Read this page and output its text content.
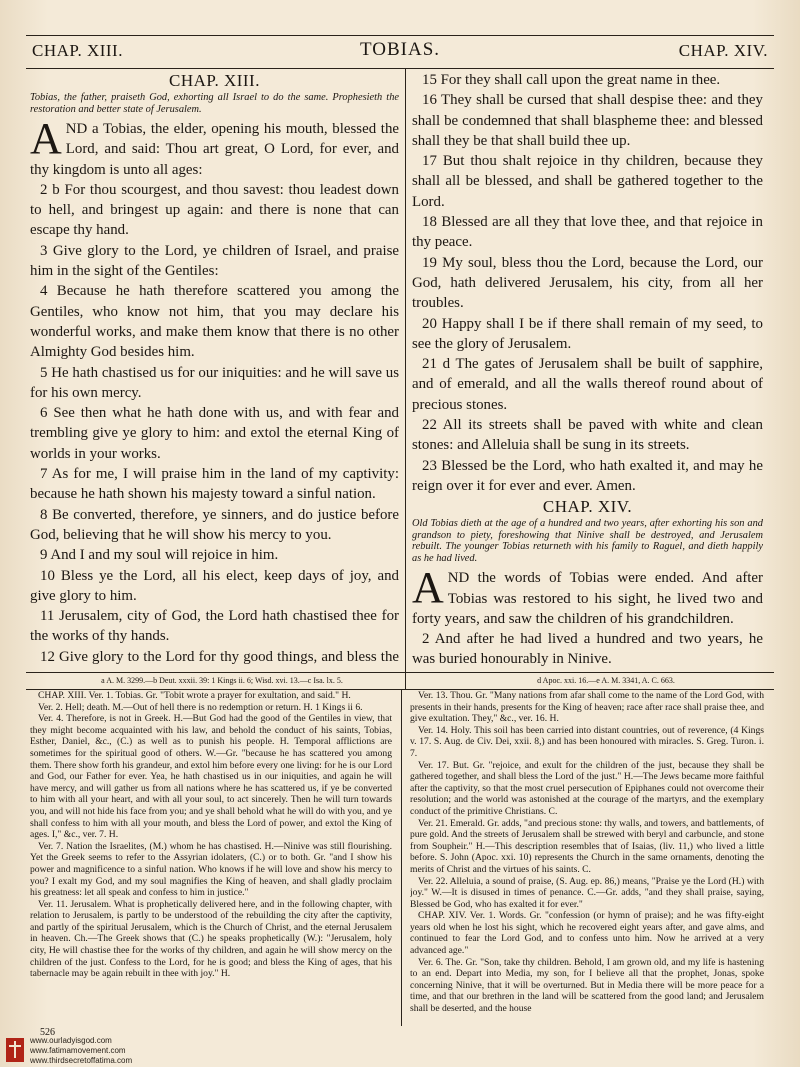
CHAP. XIII.	TOBIAS.	CHAP. XIV.
CHAP. XIII.
Tobias, the father, praiseth God, exhorting all Israel to do the same. Prophesieth the restoration and better state of Jerusalem.

AND a Tobias, the elder, opening his mouth, blessed the Lord, and said: Thou art great, O Lord, for ever, and thy kingdom is unto all ages:

2 b For thou scourgest, and thou savest: thou leadest down to hell, and bringest up again: and there is none that can escape thy hand.

3 Give glory to the Lord, ye children of Israel, and praise him in the sight of the Gentiles:

4 Because he hath therefore scattered you among the Gentiles, who know not him, that you may declare his wonderful works, and make them know that there is no other Almighty God besides him.

5 He hath chastised us for our iniquities: and he will save us for his own mercy.

6 See then what he hath done with us, and with fear and trembling give ye glory to him: and extol the eternal King of worlds in your works.

7 As for me, I will praise him in the land of my captivity: because he hath shown his majesty toward a sinful nation.

8 Be converted, therefore, ye sinners, and do justice before God, believing that he will show his mercy to you.

9 And I and my soul will rejoice in him.

10 Bless ye the Lord, all his elect, keep days of joy, and give glory to him.

11 Jerusalem, city of God, the Lord hath chastised thee for the works of thy hands.

12 Give glory to the Lord for thy good things, and bless the

15 For they shall call upon the great name in thee.

16 They shall be cursed that shall despise thee: and they shall be condemned that shall blaspheme thee: and blessed shall they be that shall build thee up.

17 But thou shalt rejoice in thy children, because they shall all be blessed, and shall be gathered together to the Lord.

18 Blessed are all they that love thee, and that rejoice in thy peace.

19 My soul, bless thou the Lord, because the Lord, our God, hath delivered Jerusalem, his city, from all her troubles.

20 Happy shall I be if there shall remain of my seed, to see the glory of Jerusalem.

21 d The gates of Jerusalem shall be built of sapphire, and of emerald, and all the walls thereof round about of precious stones.

22 All its streets shall be paved with white and clean stones: and Alleluia shall be sung in its streets.

23 Blessed be the Lord, who hath exalted it, and may he reign over it for ever and ever. Amen.

CHAP. XIV.
Old Tobias dieth at the age of a hundred and two years, after exhorting his son and grandson to piety, foreshowing that Ninive shall be destroyed, and Jerusalem rebuilt. The younger Tobias returneth with his family to Raguel, and dieth happily as he had lived.

AND the words of Tobias were ended. And after Tobias was restored to his sight, he lived two and forty years, and saw the children of his grandchildren.

2 And after he had lived a hundred and two years, he was buried honourably in Ninive.

a A. M. 3299.—b Deut. xxxii. 39: 1 Kings ii. 6; Wisd. xvi. 13.—c Isa. lx. 5.	d Apoc. xxi. 16.—e A. M. 3341, A. C. 663.

CHAP. XIII. Ver. 1. Tobias. Gr. "Tobit wrote a prayer for exultation, and said." H.

Ver. 2. Hell; death. M.—Out of hell there is no redemption or return. H. 1 Kings ii 6.

Ver. 4. Therefore, is not in Greek. H.—But God had the good of the Gentiles in view, that they might become acquainted with his law, and behold the conduct of his saints, Tobias, Esther, Daniel, &c., (C.) as well as to punish his people. H. Temporal afflictions are sometimes for the spiritual good of others. W.—Gr. "because he has scattered you among them. There show forth his grandeur, and extol him before every one living: for he is our Lord and God, our Father for ever. Yea, he hath chastised us in our iniquities, and again he will have mercy, and will gather us from all nations where he has scattered us, if ye be converted to him with all your heart, and with all your soul, to act sincerely. Then he will turn towards you, and will not hide his face from you; and ye shall behold what he will do with you, and ye shall confess to him with all your mouth, and bless the Lord of power, and extol the King of ages. I," &c., ver. 7. H.

Ver. 7. Nation the Israelites, (M.) whom he has chastised. H.—Ninive was still flourishing. Yet the Greek seems to refer to the Assyrian idolaters, (C.) or to both. Gr. "and I show his power and magnificence to a sinful nation. Who knows if he will love and show his mercy to you? I exalt my God, and my soul magnifies the King of heaven, and shall gladly proclaim his greatness: let all speak and confess to him in justice."

Ver. 11. Jerusalem. What is prophetically delivered here, and in the following chapter, with relation to Jerusalem, is partly to be understood of the rebuilding the city after the captivity, and partly of the spiritual Jerusalem, which is the Church of Christ, and the eternal Jerusalem in heaven. Ch.—The Greek shows that (C.) he speaks prophetically (W.): "Jerusalem, holy city, He will chastise thee for the works of thy children, and again he will show mercy on the children of the just. Confess to the Lord, for he is good; and bless the King of ages, that his tabernacle may be again rebuilt in thee with joy." H.

Ver. 13. Thou. Gr. "Many nations from afar shall come to the name of the Lord God, with presents in their hands, presents for the King of heaven; race after race shall praise thee, and give exultation. They," &c., ver. 16. H.

Ver. 14. Holy. This soil has been carried into distant countries, out of reverence, (4 Kings v. 17. S. Aug. de Civ. Dei, xxii. 8,) and has been honoured with miracles. S. Greg. Turon. i. 7.

Ver. 17. But. Gr. "rejoice, and exult for the children of the just, because they shall be gathered together, and shall bless the Lord of the just." H.—The Jews became more faithful after the captivity, so that the most cruel persecution of Epiphanes could not overcome their resolution; and the world was astonished at the courage of the martyrs, and the exemplary conduct of the primitive Christians. C.

Ver. 21. Emerald. Gr. adds, "and precious stone: thy walls, and towers, and battlements, of pure gold. And the streets of Jerusalem shall be strewed with beryl and carbuncle, and stone from Soupheir." H.—This description resembles that of Isaias, (liv. 11,) who lived a little before. S. John (Apoc. xxi. 10) represents the Church in the same ornaments, denoting the merits of Christ and the virtues of his saints. C.

Ver. 22. Alleluia, a sound of praise, (S. Aug. ep. 86,) means, "Praise ye the Lord (H.) with joy." W.—It is disused in times of penance. C.—Gr. adds, "and they shall praise, saying, Blessed be God, who has exalted it for ever."

CHAP. XIV. Ver. 1. Words. Gr. "confession (or hymn of praise); and he was fifty-eight years old when he lost his sight, which he recovered eight years after, and gave alms, and continued to fear the Lord God, and to confess unto him. Now he arrived at a very advanced age."

Ver. 6. The. Gr. "Son, take thy children. Behold, I am grown old, and my life is hastening to an end. Depart into Media, my son, for I believe all that the prophet, Jonas, spoke concerning Ninive, that it will be overturned. But in Media there will be more peace for a time, and that our brethren in the land will be scattered from the good land; and Jerusalem shall be deserted, and the house

526
www.ourladyisgod.com
www.fatimamovement.com
www.thirdsecretoffatima.com
